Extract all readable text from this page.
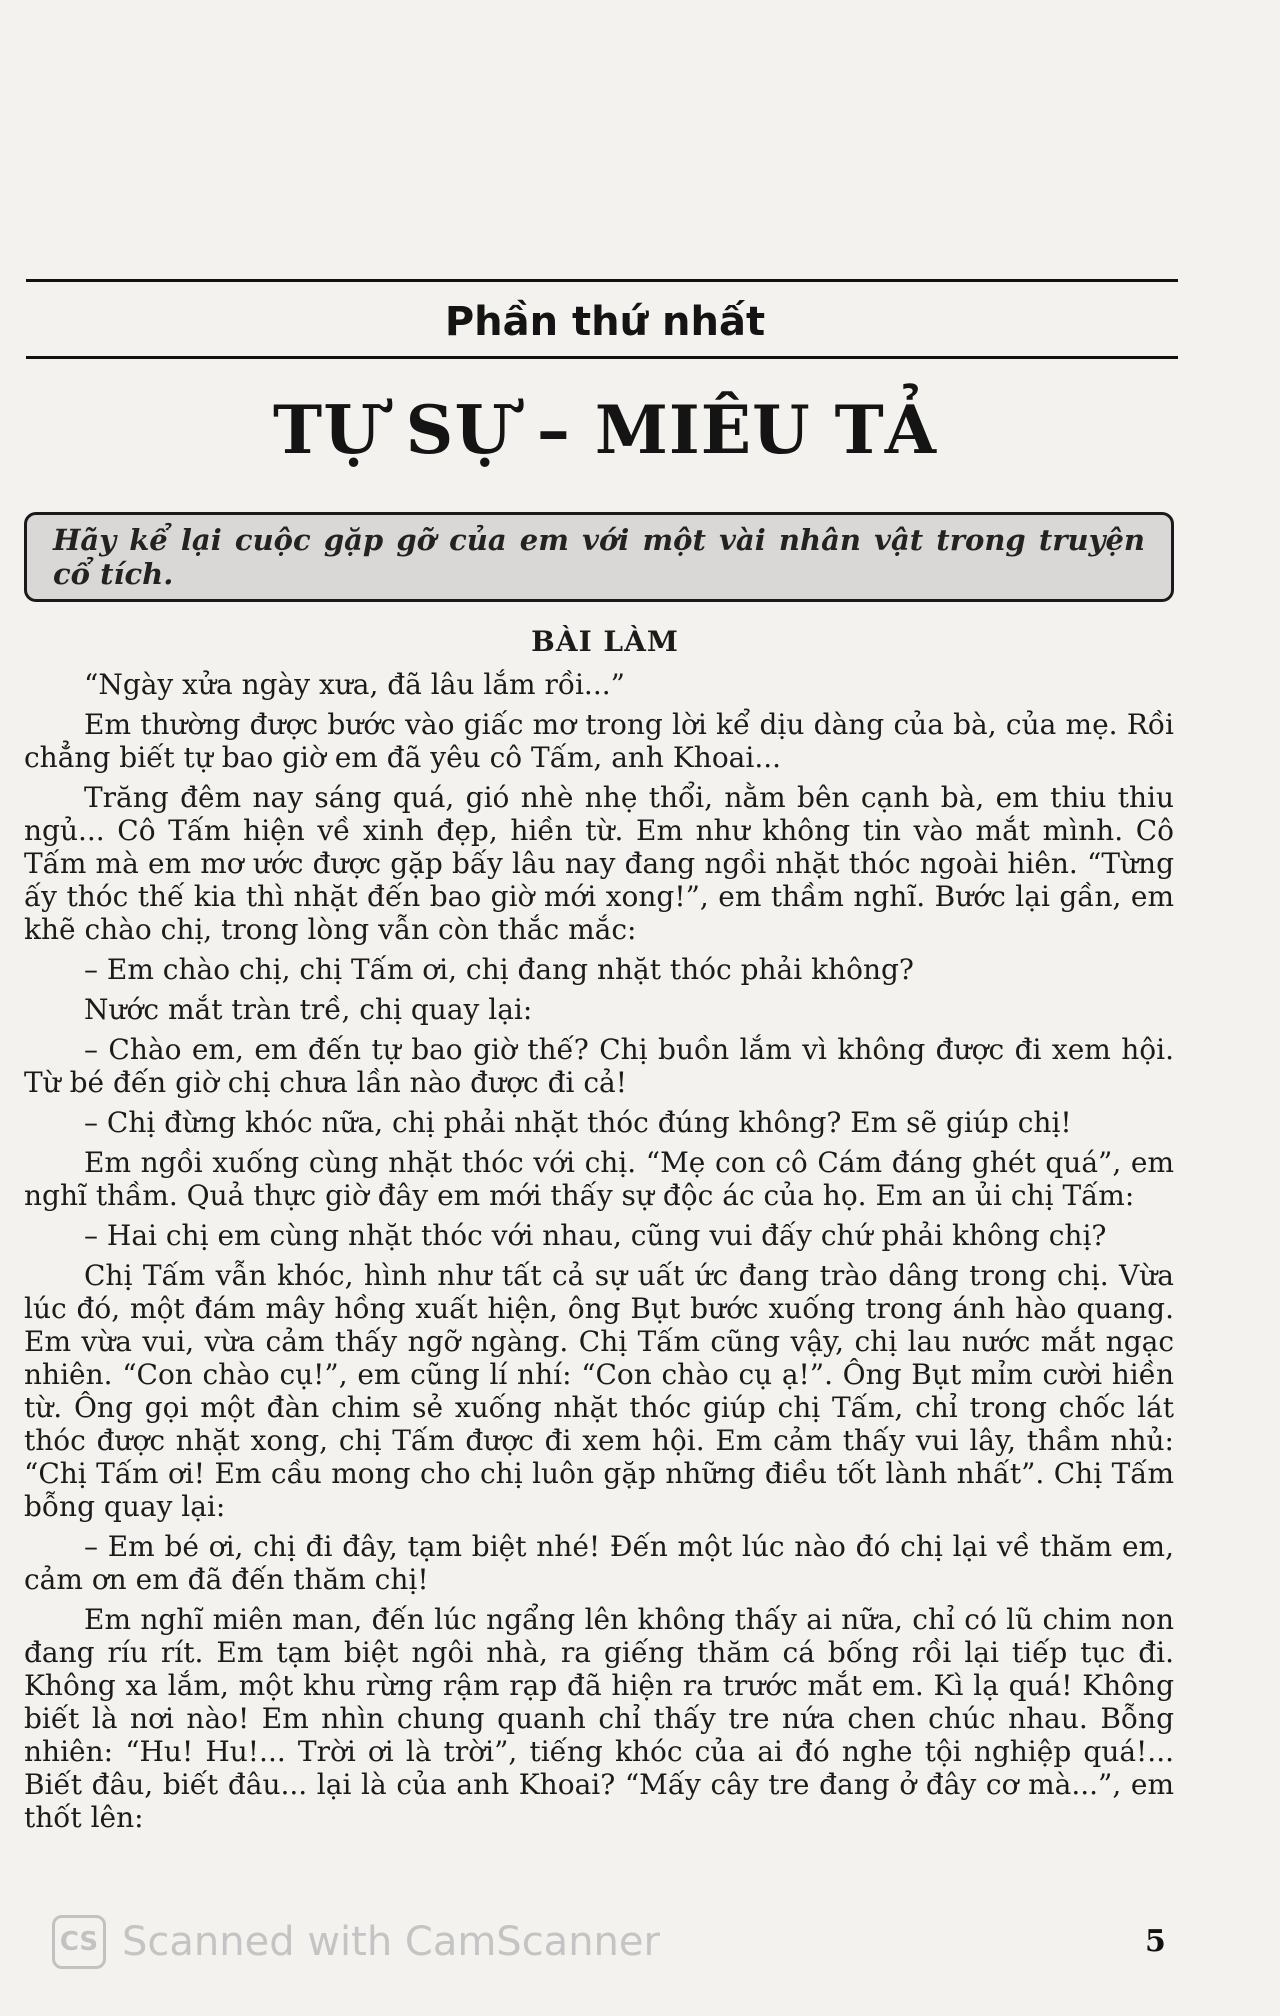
Phần thứ nhất
TỰ SỰ – MIÊU TẢ

Hãy kể lại cuộc gặp gỡ của em với một vài nhân vật trong truyện cổ tích.

BÀI LÀM

“Ngày xửa ngày xưa, đã lâu lắm rồi...”

Em thường được bước vào giấc mơ trong lời kể dịu dàng của bà, của mẹ. Rồi chẳng biết tự bao giờ em đã yêu cô Tấm, anh Khoai...

Trăng đêm nay sáng quá, gió nhè nhẹ thổi, nằm bên cạnh bà, em thiu thiu ngủ... Cô Tấm hiện về xinh đẹp, hiền từ. Em như không tin vào mắt mình. Cô Tấm mà em mơ ước được gặp bấy lâu nay đang ngồi nhặt thóc ngoài hiên. “Từng ấy thóc thế kia thì nhặt đến bao giờ mới xong!”, em thầm nghĩ. Bước lại gần, em khẽ chào chị, trong lòng vẫn còn thắc mắc:

– Em chào chị, chị Tấm ơi, chị đang nhặt thóc phải không?

Nước mắt tràn trề, chị quay lại:

– Chào em, em đến tự bao giờ thế? Chị buồn lắm vì không được đi xem hội. Từ bé đến giờ chị chưa lần nào được đi cả!

– Chị đừng khóc nữa, chị phải nhặt thóc đúng không? Em sẽ giúp chị!

Em ngồi xuống cùng nhặt thóc với chị. “Mẹ con cô Cám đáng ghét quá”, em nghĩ thầm. Quả thực giờ đây em mới thấy sự độc ác của họ. Em an ủi chị Tấm:

– Hai chị em cùng nhặt thóc với nhau, cũng vui đấy chứ phải không chị?

Chị Tấm vẫn khóc, hình như tất cả sự uất ức đang trào dâng trong chị. Vừa lúc đó, một đám mây hồng xuất hiện, ông Bụt bước xuống trong ánh hào quang. Em vừa vui, vừa cảm thấy ngỡ ngàng. Chị Tấm cũng vậy, chị lau nước mắt ngạc nhiên. “Con chào cụ!”, em cũng lí nhí: “Con chào cụ ạ!”. Ông Bụt mỉm cười hiền từ. Ông gọi một đàn chim sẻ xuống nhặt thóc giúp chị Tấm, chỉ trong chốc lát thóc được nhặt xong, chị Tấm được đi xem hội. Em cảm thấy vui lây, thầm nhủ: “Chị Tấm ơi! Em cầu mong cho chị luôn gặp những điều tốt lành nhất”. Chị Tấm bỗng quay lại:

– Em bé ơi, chị đi đây, tạm biệt nhé! Đến một lúc nào đó chị lại về thăm em, cảm ơn em đã đến thăm chị!

Em nghĩ miên man, đến lúc ngẩng lên không thấy ai nữa, chỉ có lũ chim non đang ríu rít. Em tạm biệt ngôi nhà, ra giếng thăm cá bống rồi lại tiếp tục đi. Không xa lắm, một khu rừng rậm rạp đã hiện ra trước mắt em. Kì lạ quá! Không biết là nơi nào! Em nhìn chung quanh chỉ thấy tre nứa chen chúc nhau. Bỗng nhiên: “Hu! Hu!... Trời ơi là trời”, tiếng khóc của ai đó nghe tội nghiệp quá!... Biết đâu, biết đâu... lại là của anh Khoai? “Mấy cây tre đang ở đây cơ mà...”, em thốt lên:

CS Scanned with CamScanner	5
